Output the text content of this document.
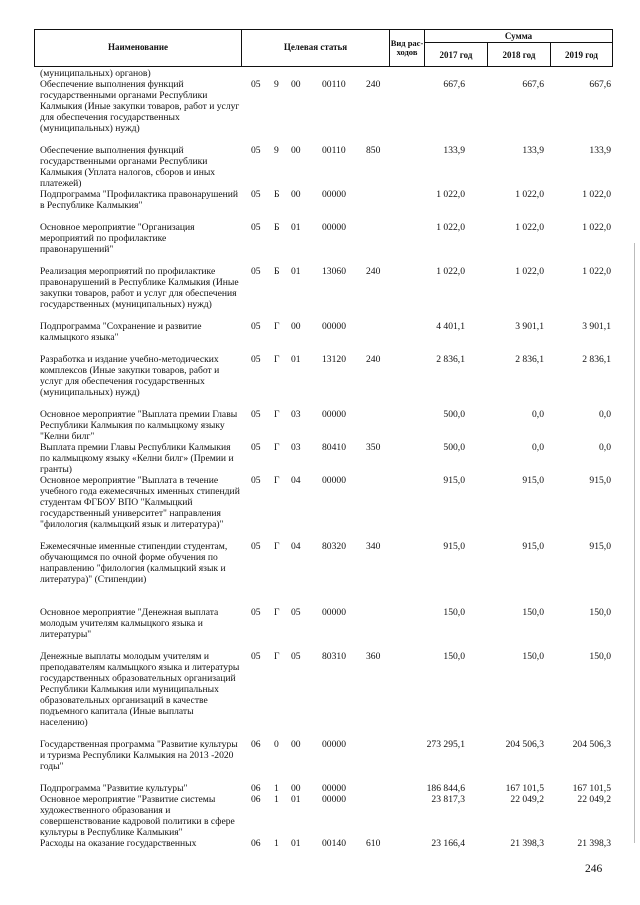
Наименование	Целевая статья	Вид рас- ходов
Сумма
2017 год	2018 год	2019 год
(муниципальных) органов)
Обеспечение выполнения функций государственными органами Республики Калмыкия (Иные закупки товаров, работ и услуг для обеспечения государственных (муниципальных) нужд)
05 9 00 00110 240	667,6	667,6	667,6
Обеспечение выполнения функций государственными органами Республики Калмыкия (Уплата налогов, сборов и иных платежей)
05 9 00 00110 850	133,9	133,9	133,9
Подпрограмма "Профилактика правонарушений в Республике Калмыкия"
05 Б 00 00000	1 022,0	1 022,0	1 022,0
Основное мероприятие "Организация мероприятий по профилактике правонарушений"
05 Б 01 00000	1 022,0	1 022,0	1 022,0
Реализация мероприятий по профилактике правонарушений в Республике Калмыкия (Иные закупки товаров, работ и услуг для обеспечения государственных (муниципальных) нужд)
05 Б 01 13060 240	1 022,0	1 022,0	1 022,0
Подпрограмма "Сохранение и развитие калмыцкого языка"
05 Г 00 00000	4 401,1	3 901,1	3 901,1
Разработка и издание учебно-методических комплексов (Иные закупки товаров, работ и услуг для обеспечения государственных (муниципальных) нужд)
05 Г 01 13120 240	2 836,1	2 836,1	2 836,1
Основное мероприятие "Выплата премии Главы Республики Калмыкия по калмыцкому языку "Келни билг"
05 Г 03 00000	500,0	0,0	0,0
Выплата премии Главы Республики Калмыкия по калмыцкому языку «Келни билг» (Премии и гранты)
05 Г 03 80410 350	500,0	0,0	0,0
Основное мероприятие "Выплата в течение учебного года ежемесячных именных стипендий студентам ФГБОУ ВПО "Калмыцкий государственный университет" направления "филология (калмыцкий язык и литература)"
05 Г 04 00000	915,0	915,0	915,0
Ежемесячные именные стипендии студентам, обучающимся по очной форме обучения по направлению "филология (калмыцкий язык и литература)" (Стипендии)
05 Г 04 80320 340	915,0	915,0	915,0
Основное мероприятие "Денежная выплата молодым учителям калмыцкого языка и литературы"
05 Г 05 00000	150,0	150,0	150,0
Денежные выплаты молодым учителям и преподавателям калмыцкого языка и литературы государственных образовательных организаций Республики Калмыкия или муниципальных образовательных организаций в качестве подъемного капитала (Иные выплаты населению)
05 Г 05 80310 360	150,0	150,0	150,0
Государственная программа "Развитие культуры и туризма Республики Калмыкия на 2013 -2020 годы"
06 0 00 00000	273 295,1	204 506,3	204 506,3
Подпрограмма "Развитие культуры"	06 1 00 00000	186 844,6	167 101,5	167 101,5
Основное мероприятие "Развитие системы художественного образования и совершенствование кадровой политики в сфере культуры в Республике Калмыкия"
06 1 01 00000	23 817,3	22 049,2	22 049,2
Расходы на оказание государственных	06 1 01 00140 610	23 166,4	21 398,3	21 398,3
246
